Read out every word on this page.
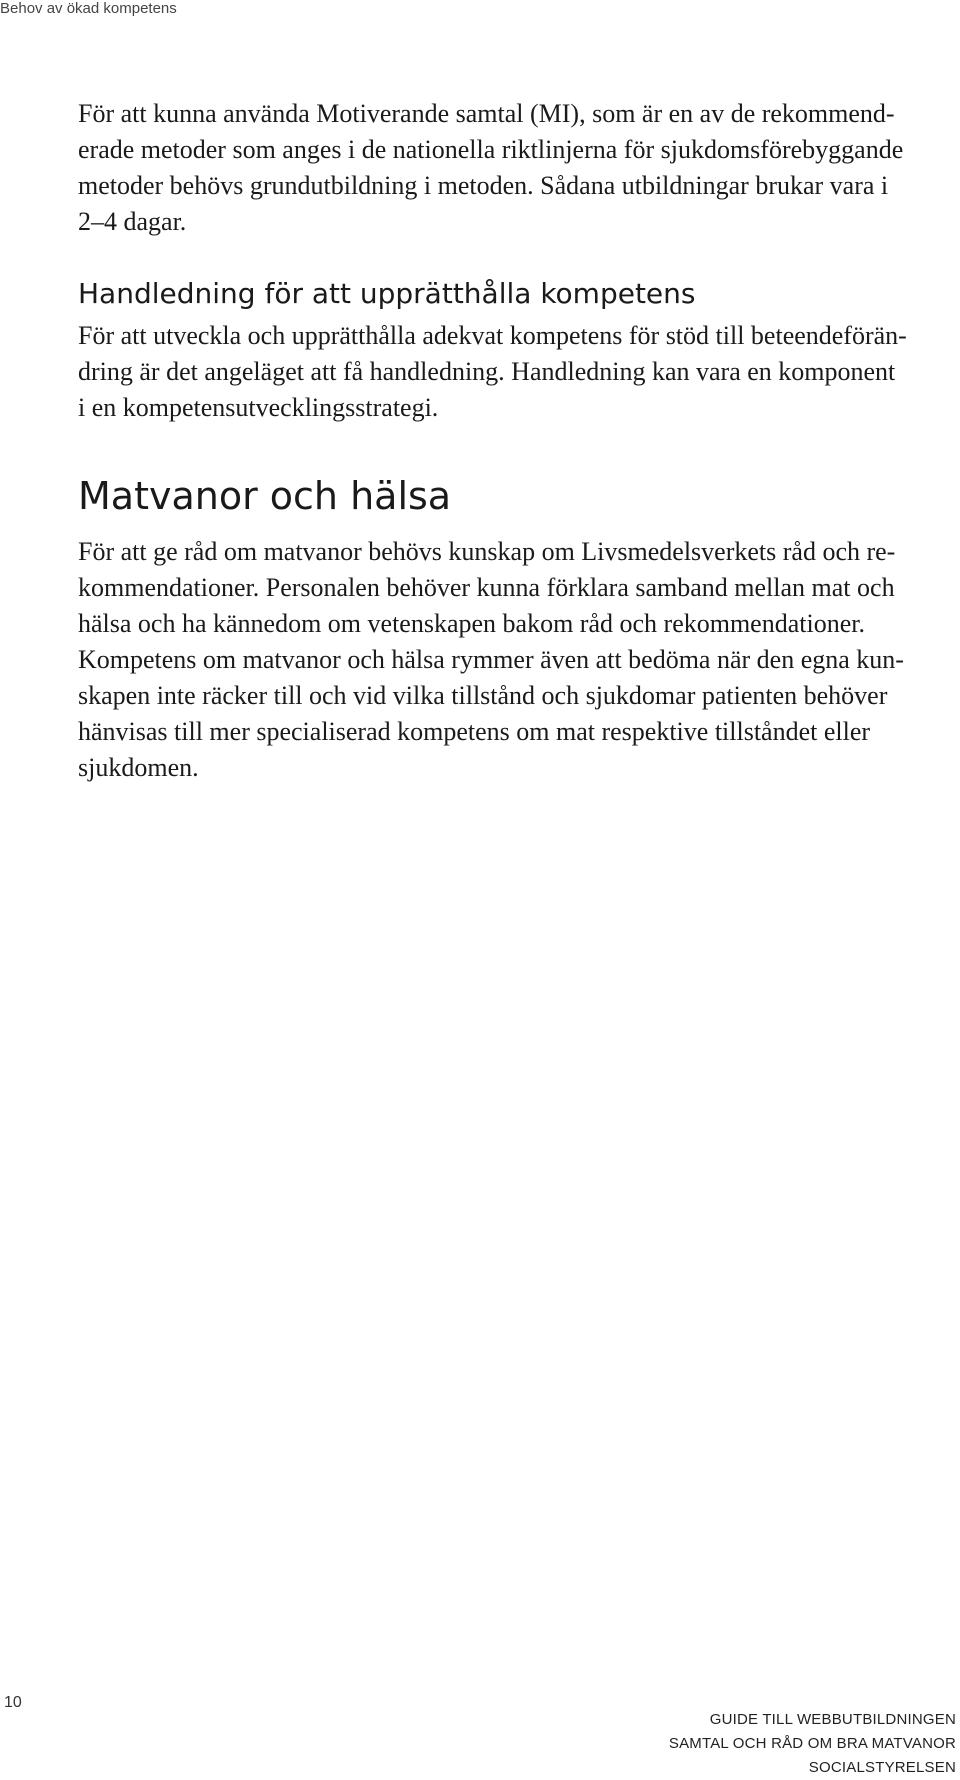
Behov av ökad kompetens

För att kunna använda Motiverande samtal (MI), som är en av de rekommend-
erade metoder som anges i de nationella riktlinjerna för sjukdomsförebyggande
metoder behövs grundutbildning i metoden. Sådana utbildningar brukar vara i
2–4 dagar.

Handledning för att upprätthålla kompetens

För att utveckla och upprätthålla adekvat kompetens för stöd till beteendeförän-
dring är det angeläget att få handledning. Handledning kan vara en komponent
i en kompetensutvecklingsstrategi.

Matvanor och hälsa

För att ge råd om matvanor behövs kunskap om Livsmedelsverkets råd och re-
kommendationer. Personalen behöver kunna förklara samband mellan mat och
hälsa och ha kännedom om vetenskapen bakom råd och rekommendationer.
Kompetens om matvanor och hälsa rymmer även att bedöma när den egna kun-
skapen inte räcker till och vid vilka tillstånd och sjukdomar patienten behöver
hänvisas till mer specialiserad kompetens om mat respektive tillståndet eller
sjukdomen.

10
GUIDE TILL WEBBUTBILDNINGEN
SAMTAL OCH RÅD OM BRA MATVANOR
SOCIALSTYRELSEN
